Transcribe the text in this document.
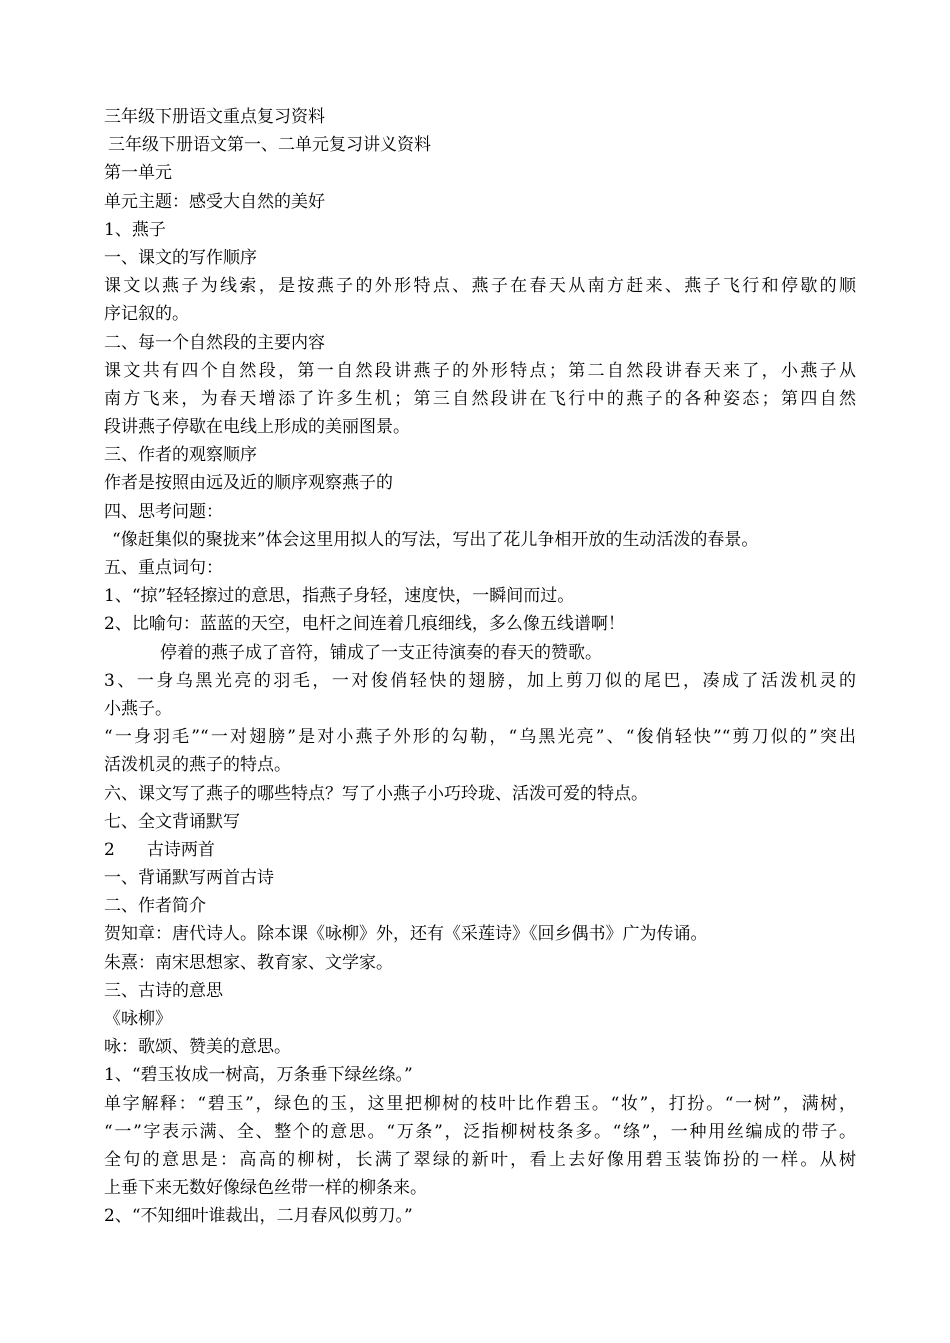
三年级下册语文重点复习资料
三年级下册语文第一、二单元复习讲义资料
第一单元
单元主题：感受大自然的美好
1、燕子
一、课文的写作顺序
课文以燕子为线索，是按燕子的外形特点、燕子在春天从南方赶来、燕子飞行和停歇的顺
序记叙的。
二、每一个自然段的主要内容
课文共有四个自然段，第一自然段讲燕子的外形特点；第二自然段讲春天来了，小燕子从
南方飞来，为春天增添了许多生机；第三自然段讲在飞行中的燕子的各种姿态；第四自然
段讲燕子停歇在电线上形成的美丽图景。
三、作者的观察顺序
作者是按照由远及近的顺序观察燕子的
四、思考问题：
“像赶集似的聚拢来”体会这里用拟人的写法，写出了花儿争相开放的生动活泼的春景。
五、重点词句：
1、“掠”轻轻擦过的意思，指燕子身轻，速度快，一瞬间而过。
2、比喻句：蓝蓝的天空，电杆之间连着几痕细线，多么像五线谱啊！
停着的燕子成了音符，铺成了一支正待演奏的春天的赞歌。
3、一身乌黑光亮的羽毛，一对俊俏轻快的翅膀，加上剪刀似的尾巴，凑成了活泼机灵的
小燕子。
“一身羽毛”“一对翅膀”是对小燕子外形的勾勒，“乌黑光亮”、“俊俏轻快”“剪刀似的”突出
活泼机灵的燕子的特点。
六、课文写了燕子的哪些特点？写了小燕子小巧玲珑、活泼可爱的特点。
七、全文背诵默写
2 古诗两首
一、背诵默写两首古诗
二、作者简介
贺知章：唐代诗人。除本课《咏柳》外，还有《采莲诗》《回乡偶书》广为传诵。
朱熹：南宋思想家、教育家、文学家。
三、古诗的意思
《咏柳》
咏：歌颂、赞美的意思。
1、“碧玉妆成一树高，万条垂下绿丝绦。”
单字解释：“碧玉”，绿色的玉，这里把柳树的枝叶比作碧玉。“妆”，打扮。“一树”，满树，
“一”字表示满、全、整个的意思。“万条”，泛指柳树枝条多。“绦”，一种用丝编成的带子。
全句的意思是：高高的柳树，长满了翠绿的新叶，看上去好像用碧玉装饰扮的一样。从树
上垂下来无数好像绿色丝带一样的柳条来。
2、“不知细叶谁裁出，二月春风似剪刀。”
